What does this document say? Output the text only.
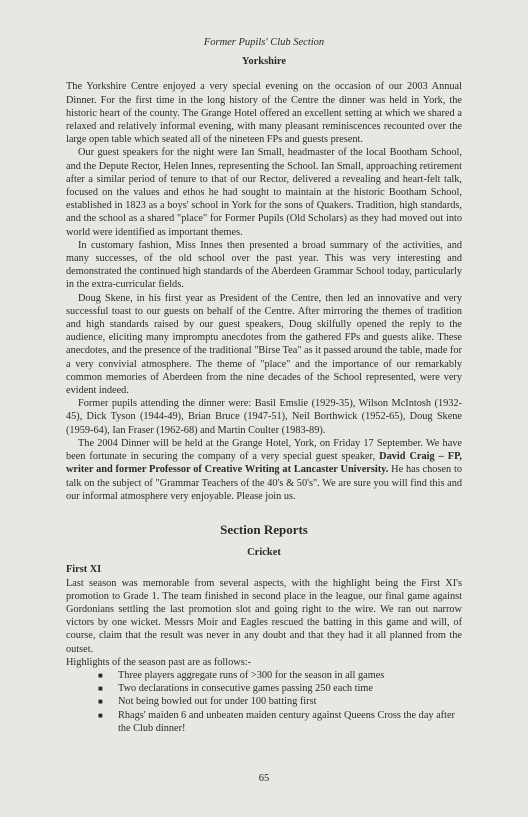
Former Pupils' Club Section
Yorkshire

The Yorkshire Centre enjoyed a very special evening on the occasion of our 2003 Annual Dinner. For the first time in the long history of the Centre the dinner was held in York, the historic heart of the county. The Grange Hotel offered an excellent setting at which we shared a relaxed and relatively informal evening, with many pleasant reminiscences recounted over the large open table which seated all of the nineteen FPs and guests present.

Our guest speakers for the night were Ian Small, headmaster of the local Bootham School, and the Depute Rector, Helen Innes, representing the School. Ian Small, approaching retirement after a similar period of tenure to that of our Rector, delivered a revealing and heart-felt talk, focused on the values and ethos he had sought to maintain at the historic Bootham School, established in 1823 as a boys' school in York for the sons of Quakers. Tradition, high standards, and the school as a shared "place" for Former Pupils (Old Scholars) as they had moved out into world were identified as important themes.

In customary fashion, Miss Innes then presented a broad summary of the activities, and many successes, of the old school over the past year. This was very interesting and demonstrated the continued high standards of the Aberdeen Grammar School today, particularly in the extra-curricular fields.

Doug Skene, in his first year as President of the Centre, then led an innovative and very successful toast to our guests on behalf of the Centre. After mirroring the themes of tradition and high standards raised by our guest speakers, Doug skilfully opened the reply to the audience, eliciting many impromptu anecdotes from the gathered FPs and guests alike. These anecdotes, and the presence of the traditional "Birse Tea" as it passed around the table, made for a very convivial atmosphere. The theme of "place" and the importance of our remarkably common memories of Aberdeen from the nine decades of the School represented, were very evident indeed.

Former pupils attending the dinner were: Basil Emslie (1929-35), Wilson McIntosh (1932-45), Dick Tyson (1944-49), Brian Bruce (1947-51), Neil Borthwick (1952-65), Doug Skene (1959-64), Ian Fraser (1962-68) and Martin Coulter (1983-89).

The 2004 Dinner will be held at the Grange Hotel, York, on Friday 17 September. We have been fortunate in securing the company of a very special guest speaker, David Craig – FP, writer and former Professor of Creative Writing at Lancaster University. He has chosen to talk on the subject of "Grammar Teachers of the 40's & 50's". We are sure you will find this and our informal atmosphere very enjoyable. Please join us.

Section Reports
Cricket
First XI

Last season was memorable from several aspects, with the highlight being the First XI's promotion to Grade 1. The team finished in second place in the league, our final game against Gordonians settling the last promotion slot and going right to the wire. We ran out narrow victors by one wicket. Messrs Moir and Eagles rescued the batting in this game and will, of course, claim that the result was never in any doubt and that they had it all planned from the outset.

Highlights of the season past are as follows:-

■ Three players aggregate runs of >300 for the season in all games
■ Two declarations in consecutive games passing 250 each time
■ Not being bowled out for under 100 batting first
■ Rhags' maiden 6 and unbeaten maiden century against Queens Cross the day after the Club dinner!
65
